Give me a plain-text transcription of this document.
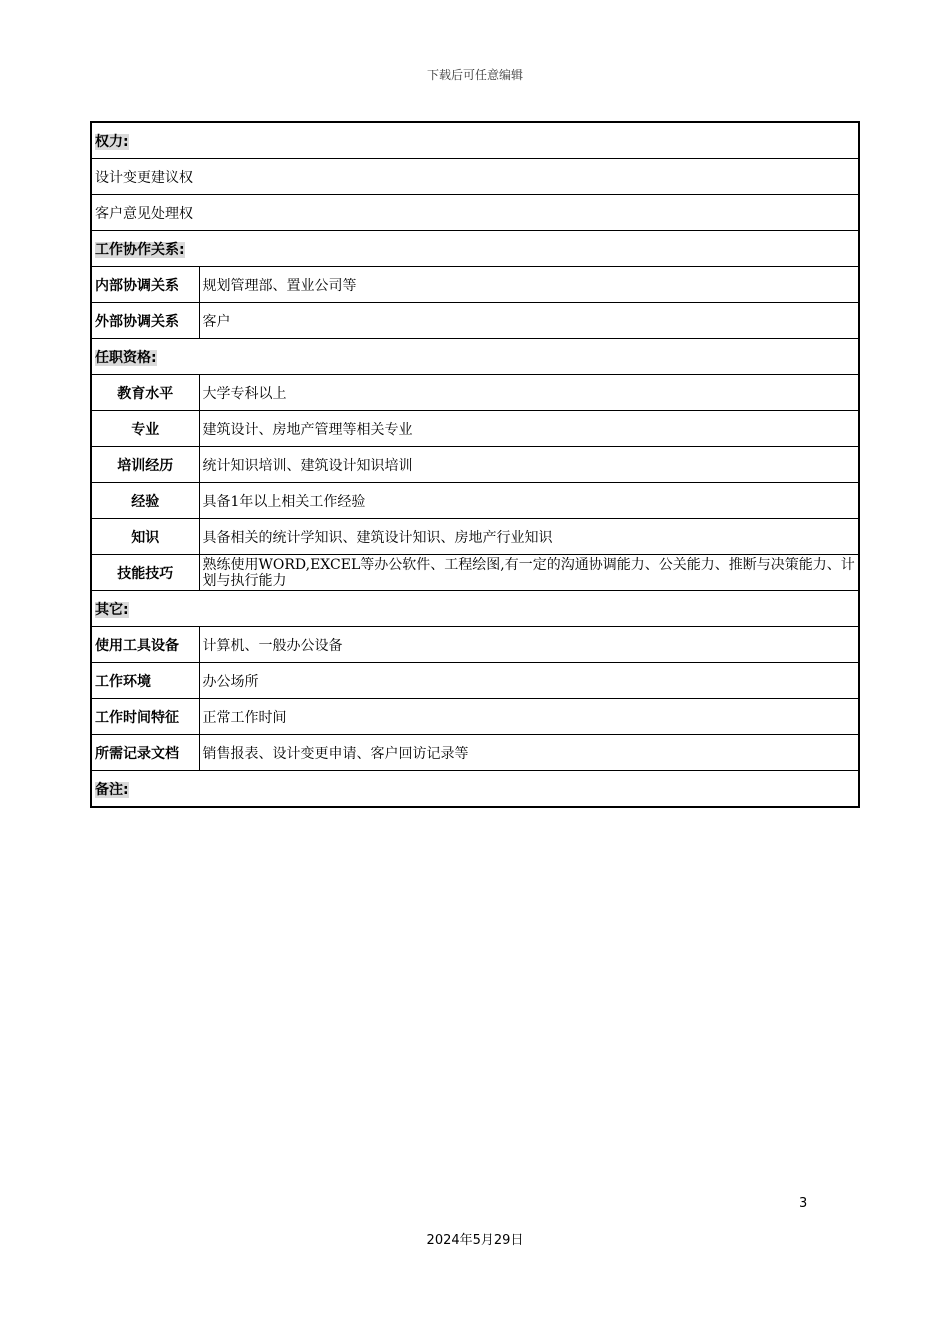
下载后可任意编辑
权力:	
设计变更建议权	
客户意见处理权	
工作协作关系:	
内部协调关系	规划管理部、置业公司等
外部协调关系	客户
任职资格:	
教育水平	大学专科以上
专业	建筑设计、房地产管理等相关专业
培训经历	统计知识培训、建筑设计知识培训
经验	具备1年以上相关工作经验
知识	具备相关的统计学知识、建筑设计知识、房地产行业知识
技能技巧	熟练使用WORD,EXCEL等办公软件、工程绘图,有一定的沟通协调能力、公关能力、推断与决策能力、计划与执行能力
其它:	
使用工具设备	计算机、一般办公设备
工作环境	办公场所
工作时间特征	正常工作时间
所需记录文档	销售报表、设计变更申请、客户回访记录等
备注:	
3
2024年5月29日
